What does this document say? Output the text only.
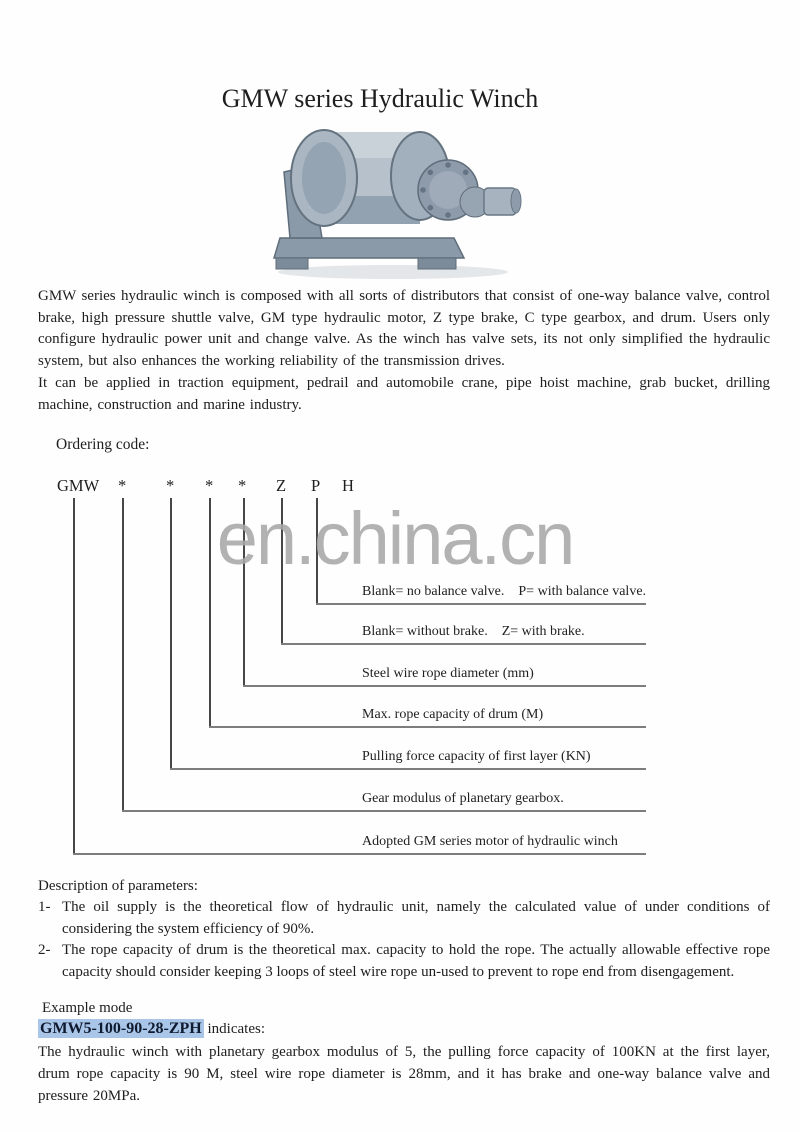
GMW series Hydraulic Winch

GMW series hydraulic winch is composed with all sorts of distributors that consist of one-way balance valve, control brake, high pressure shuttle valve, GM type hydraulic motor, Z type brake, C type gearbox, and drum. Users only configure hydraulic power unit and change valve. As the winch has valve sets, its not only simplified the hydraulic system, but also enhances the working reliability of the transmission drives.

It can be applied in traction equipment, pedrail and automobile crane, pipe hoist machine, grab bucket, drilling machine, construction and marine industry.

Ordering code:
GMW * * * * Z P H
Blank= no balance valve.    P= with balance valve.
Blank= without brake.    Z= with brake.
Steel wire rope diameter (mm)
Max. rope capacity of drum (M)
Pulling force capacity of first layer (KN)
Gear modulus of planetary gearbox.
Adopted GM series motor of hydraulic winch
en.china.cn

Description of parameters:

1- The oil supply is the theoretical flow of hydraulic unit, namely the calculated value of under conditions of considering the system efficiency of 90%.
2- The rope capacity of drum is the theoretical max. capacity to hold the rope. The actually allowable effective rope capacity should consider keeping 3 loops of steel wire rope un-used to prevent to rope end from disengagement.
Example mode
GMW5-100-90-28-ZPH indicates:
The hydraulic winch with planetary gearbox modulus of 5, the pulling force capacity of 100KN at the first layer, drum rope capacity is 90 M, steel wire rope diameter is 28mm, and it has brake and one-way balance valve and pressure 20MPa.
